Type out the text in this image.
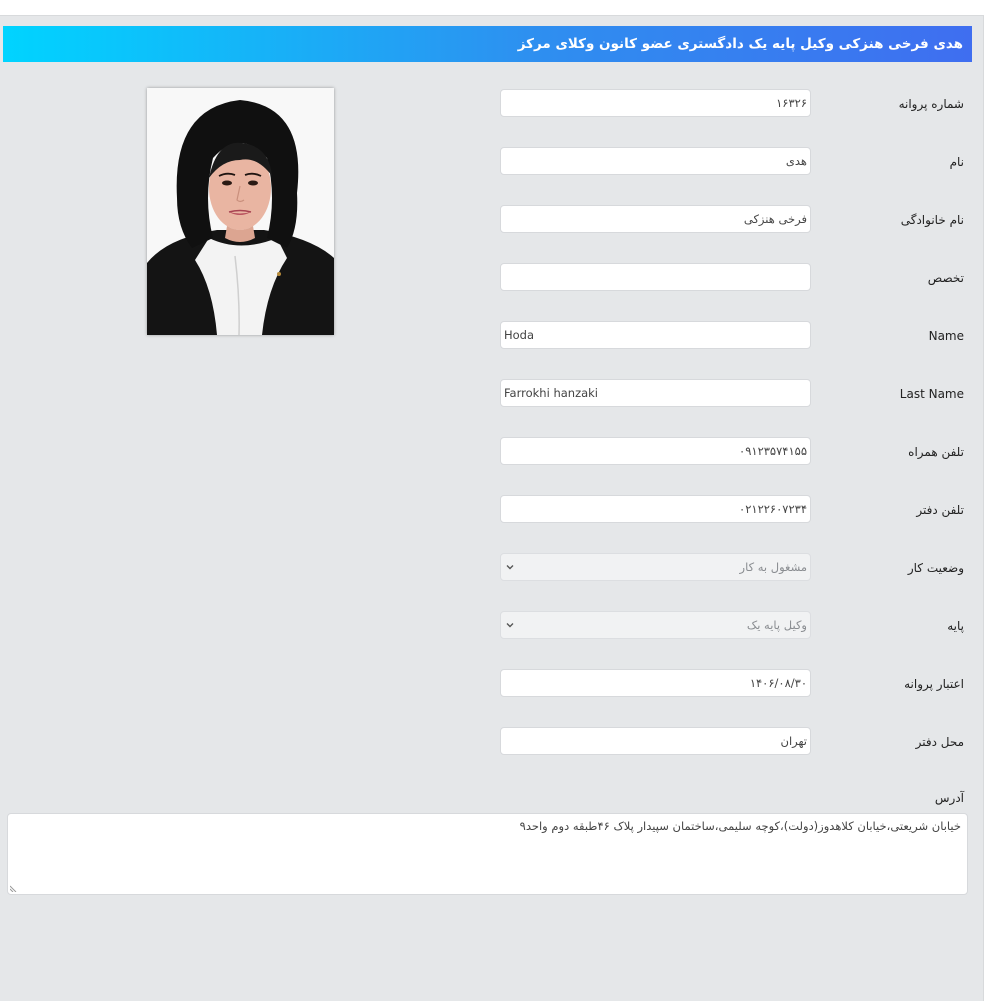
هدی فرخی هنزکی وکیل پایه یک دادگستری عضو کانون وکلای مرکز
۱۶۳۲۶
شماره پروانه
هدی
نام
فرخی هنزکی
نام خانوادگی
تخصص
Hoda
Name
Farrokhi hanzaki
Last Name
۰۹۱۲۳۵۷۴۱۵۵
تلفن همراه
۰۲۱۲۲۶۰۷۲۳۴
تلفن دفتر
مشغول به کار	وضعیت کار
وکیل پایه یک	پایه
۱۴۰۶/۰۸/۳۰
اعتبار پروانه
تهران
محل دفتر
آدرس
خیابان شریعتی،خیابان کلاهدوز(دولت)،کوچه سلیمی،ساختمان سپیدار پلاک ۴۶طبقه دوم واحد۹
